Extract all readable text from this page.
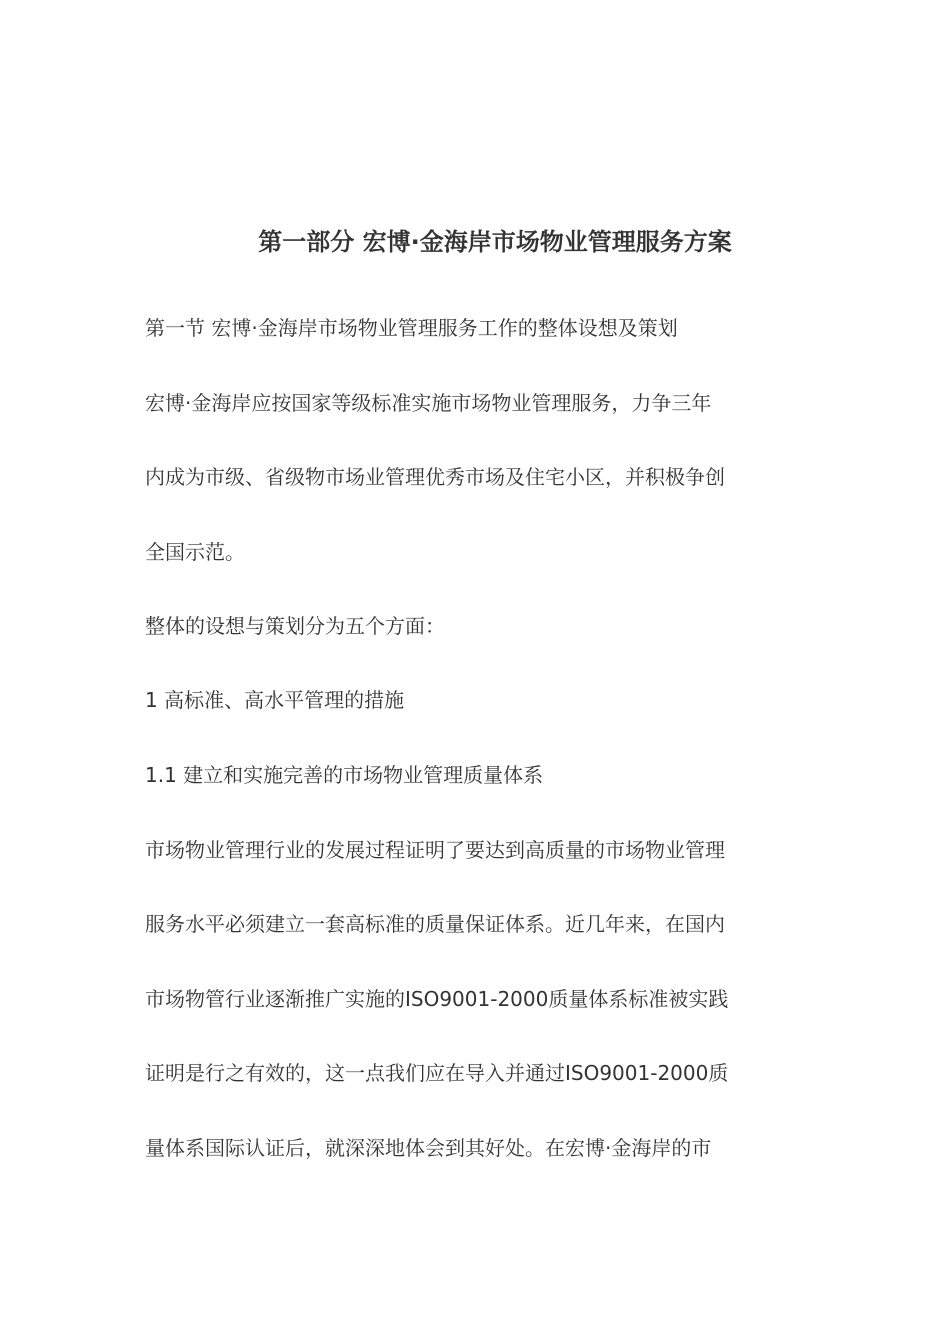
第一部分 宏博·金海岸市场物业管理服务方案
第一节 宏博·金海岸市场物业管理服务工作的整体设想及策划
宏博·金海岸应按国家等级标准实施市场物业管理服务，力争三年
内成为市级、省级物市场业管理优秀市场及住宅小区，并积极争创
全国示范。
整体的设想与策划分为五个方面：
1 高标准、高水平管理的措施
1.1 建立和实施完善的市场物业管理质量体系
市场物业管理行业的发展过程证明了要达到高质量的市场物业管理
服务水平必须建立一套高标准的质量保证体系。近几年来，在国内
市场物管行业逐渐推广实施的ISO9001-2000质量体系标准被实践
证明是行之有效的，这一点我们应在导入并通过ISO9001-2000质
量体系国际认证后，就深深地体会到其好处。在宏博·金海岸的市
